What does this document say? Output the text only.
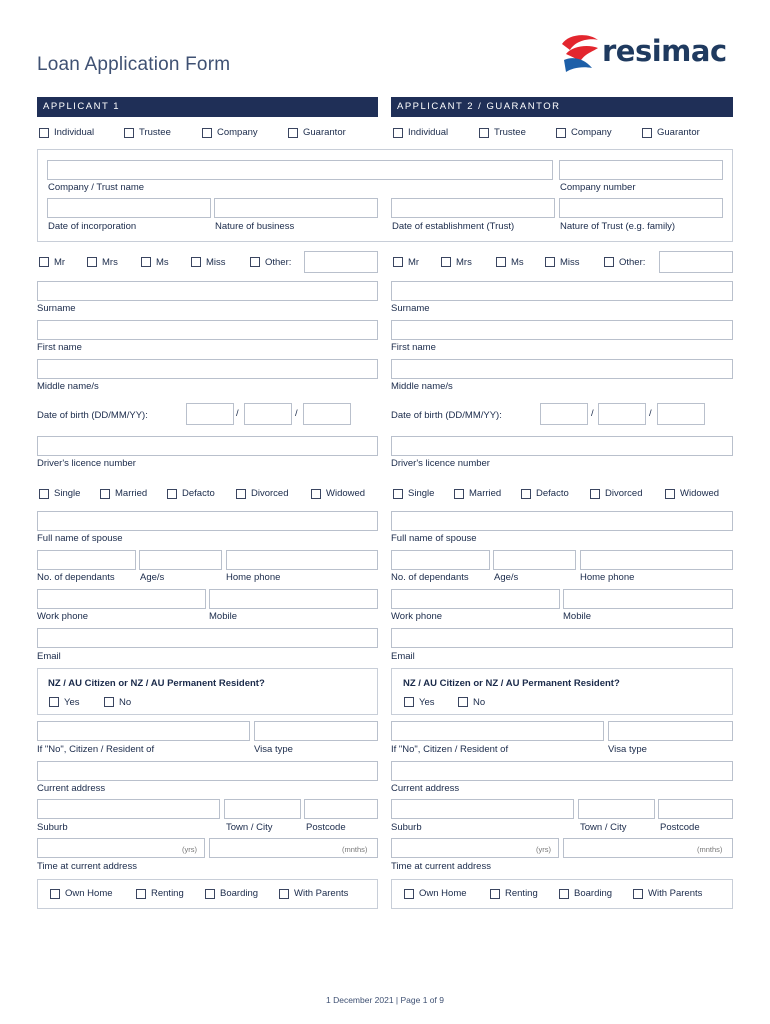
Loan Application Form	resimac
APPLICANT 1	APPLICANT 2 / GUARANTOR
Individual	Trustee	Company	Guarantor	Individual	Trustee	Company	Guarantor
Company / Trust name	Company number
Date of incorporation	Nature of business	Date of establishment (Trust)	Nature of Trust (e.g. family)
Mr	Mrs	Ms	Miss	Other:	Mr	Mrs	Ms	Miss	Other:
Surname	Surname
First name	First name
Middle name/s	Middle name/s
Date of birth (DD/MM/YY):	/	/	Date of birth (DD/MM/YY):	/	/
Driver's licence number	Driver's licence number
Single	Married	Defacto	Divorced	Widowed	Single	Married	Defacto	Divorced	Widowed
Full name of spouse	Full name of spouse
No. of dependants	Age/s	Home phone	No. of dependants	Age/s	Home phone
Work phone	Mobile	Work phone	Mobile
Email	Email
NZ / AU Citizen or NZ / AU Permanent Resident?
Yes	No
NZ / AU Citizen or NZ / AU Permanent Resident?
Yes	No
If "No", Citizen / Resident of	Visa type	If "No", Citizen / Resident of	Visa type
Current address	Current address
Suburb	Town / City	Postcode	Suburb	Town / City	Postcode
(yrs)	(mnths)	(yrs)	(mnths)
Time at current address	Time at current address
Own Home	Renting	Boarding	With Parents	Own Home	Renting	Boarding	With Parents
1 December 2021 | Page 1 of 9
